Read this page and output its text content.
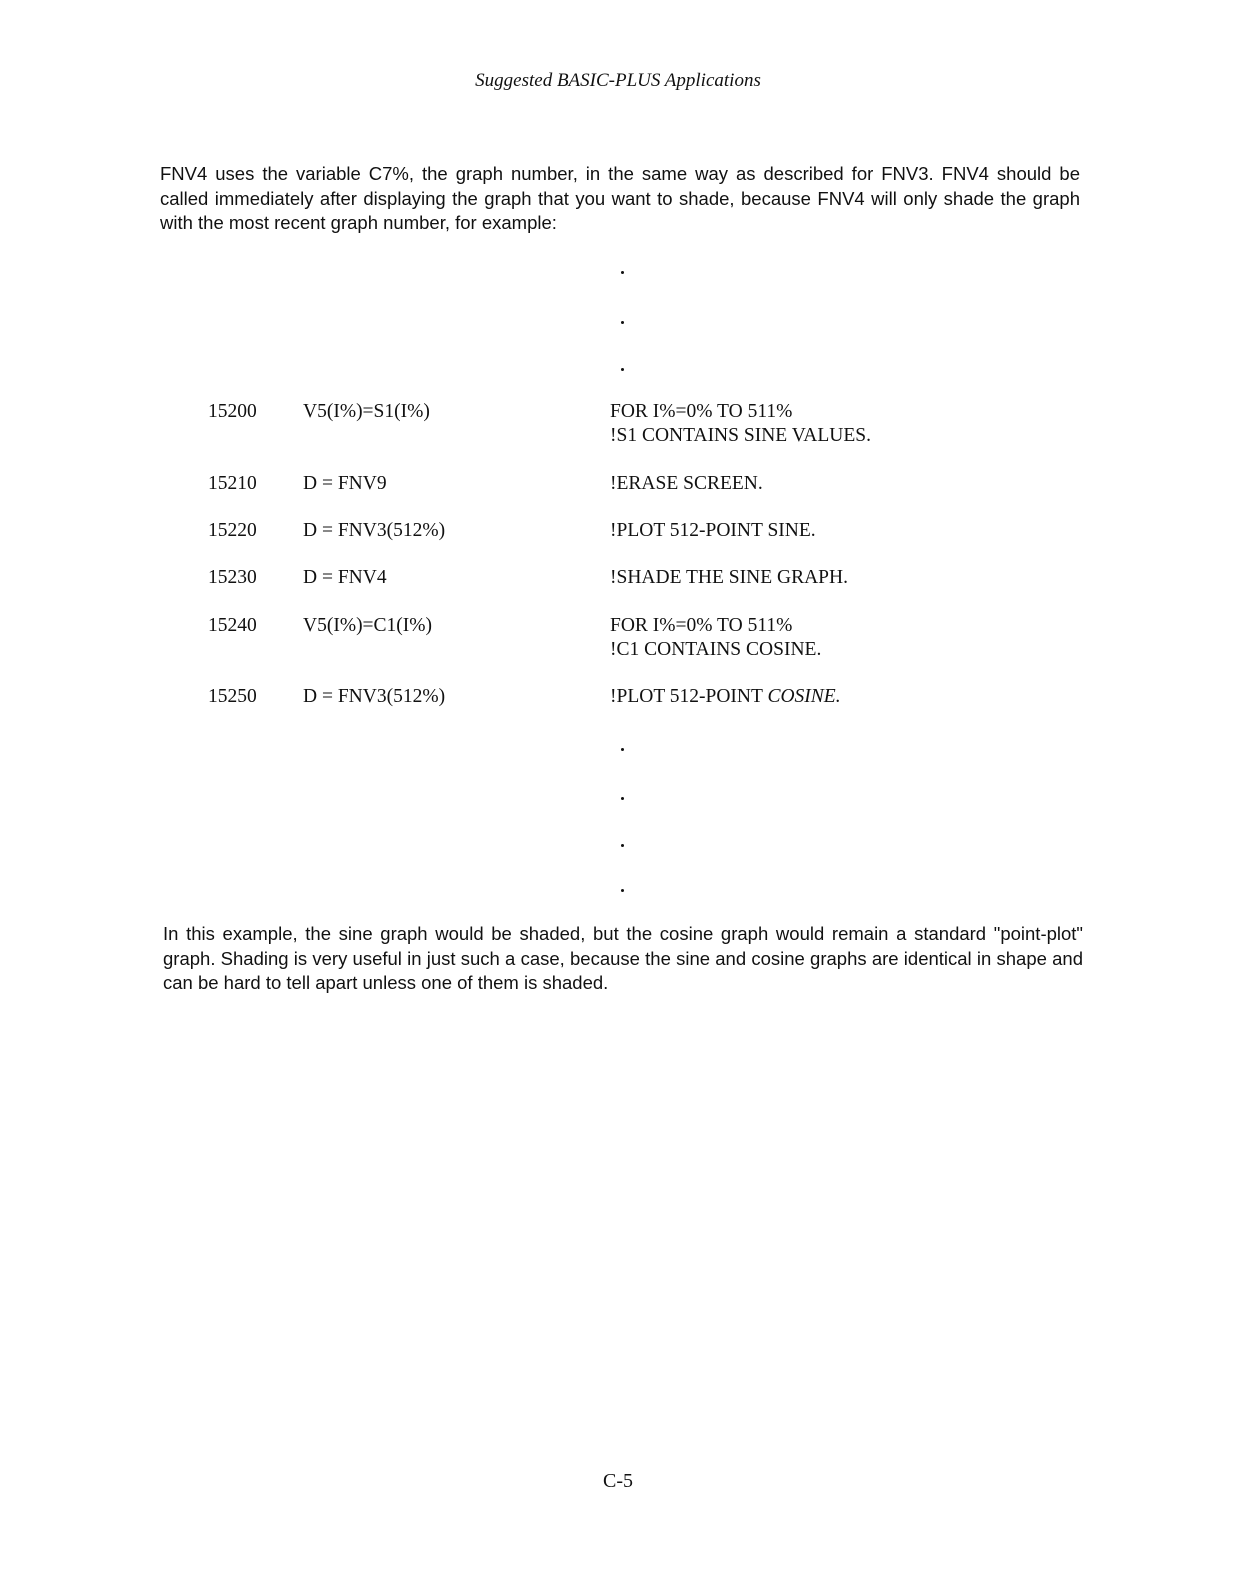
Suggested BASIC-PLUS Applications
FNV4 uses the variable C7%, the graph number, in the same way as described for FNV3. FNV4 should be called immediately after displaying the graph that you want to shade, because FNV4 will only shade the graph with the most recent graph number, for example:
15200 V5(I%)=S1(I%)	FOR I%=0% TO 511%
!S1 CONTAINS SINE VALUES.
15210 D = FNV9	!ERASE SCREEN.
15220 D = FNV3(512%)	!PLOT 512-POINT SINE.
15230 D = FNV4	!SHADE THE SINE GRAPH.
15240 V5(I%)=C1(I%)	FOR I%=0% TO 511%
!C1 CONTAINS COSINE.
15250 D = FNV3(512%)	!PLOT 512-POINT COSINE.
In this example, the sine graph would be shaded, but the cosine graph would remain a standard "point-plot" graph. Shading is very useful in just such a case, because the sine and cosine graphs are identical in shape and can be hard to tell apart unless one of them is shaded.
C-5
